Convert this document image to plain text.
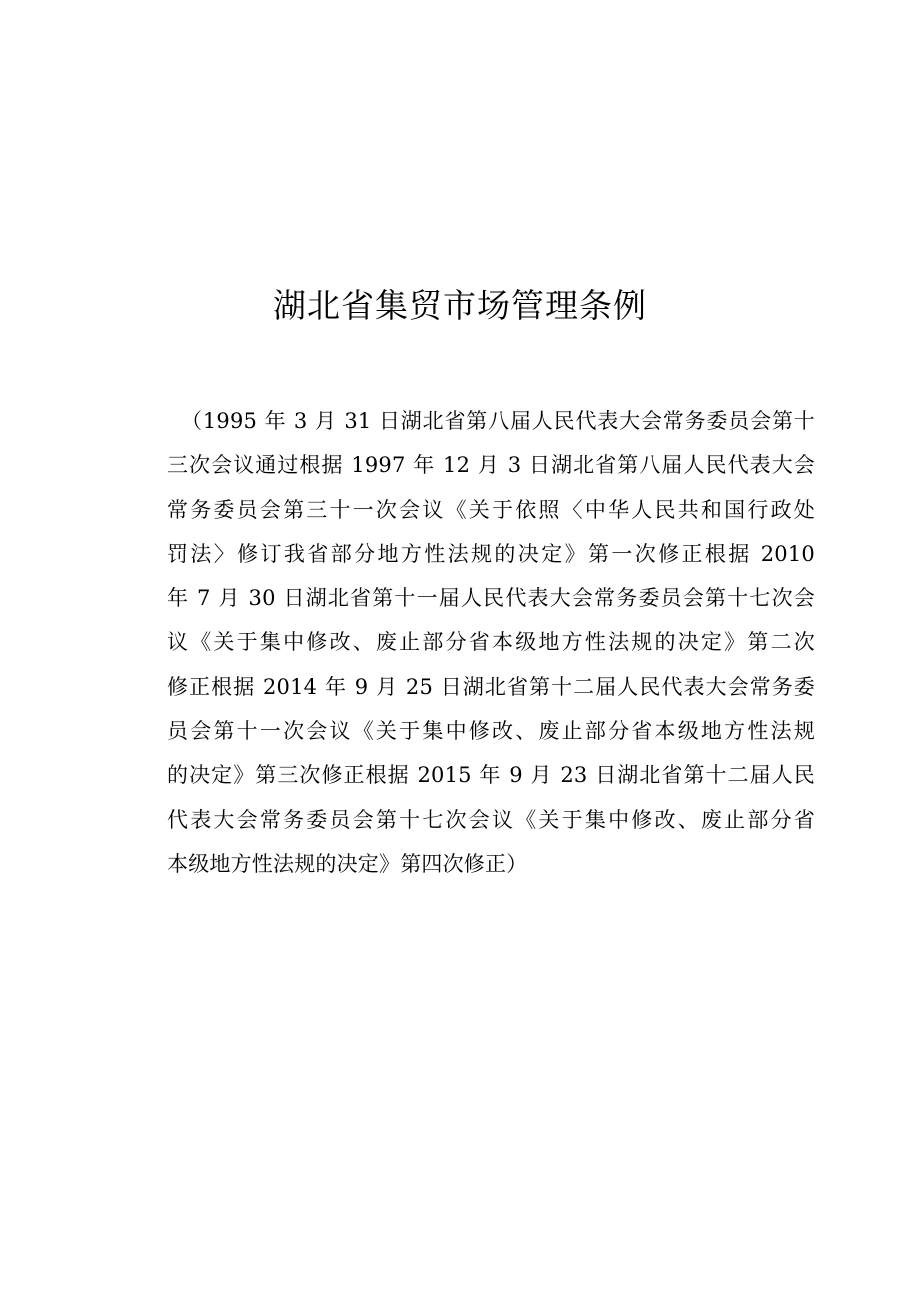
湖北省集贸市场管理条例
（1995 年 3 月 31 日湖北省第八届人民代表大会常务委员会第十
三次会议通过根据 1997 年 12 月 3 日湖北省第八届人民代表大会
常务委员会第三十一次会议《关于依照〈中华人民共和国行政处
罚法〉修订我省部分地方性法规的决定》第一次修正根据 2010
年 7 月 30 日湖北省第十一届人民代表大会常务委员会第十七次会
议《关于集中修改、废止部分省本级地方性法规的决定》第二次
修正根据 2014 年 9 月 25 日湖北省第十二届人民代表大会常务委
员会第十一次会议《关于集中修改、废止部分省本级地方性法规
的决定》第三次修正根据 2015 年 9 月 23 日湖北省第十二届人民
代表大会常务委员会第十七次会议《关于集中修改、废止部分省
本级地方性法规的决定》第四次修正）
